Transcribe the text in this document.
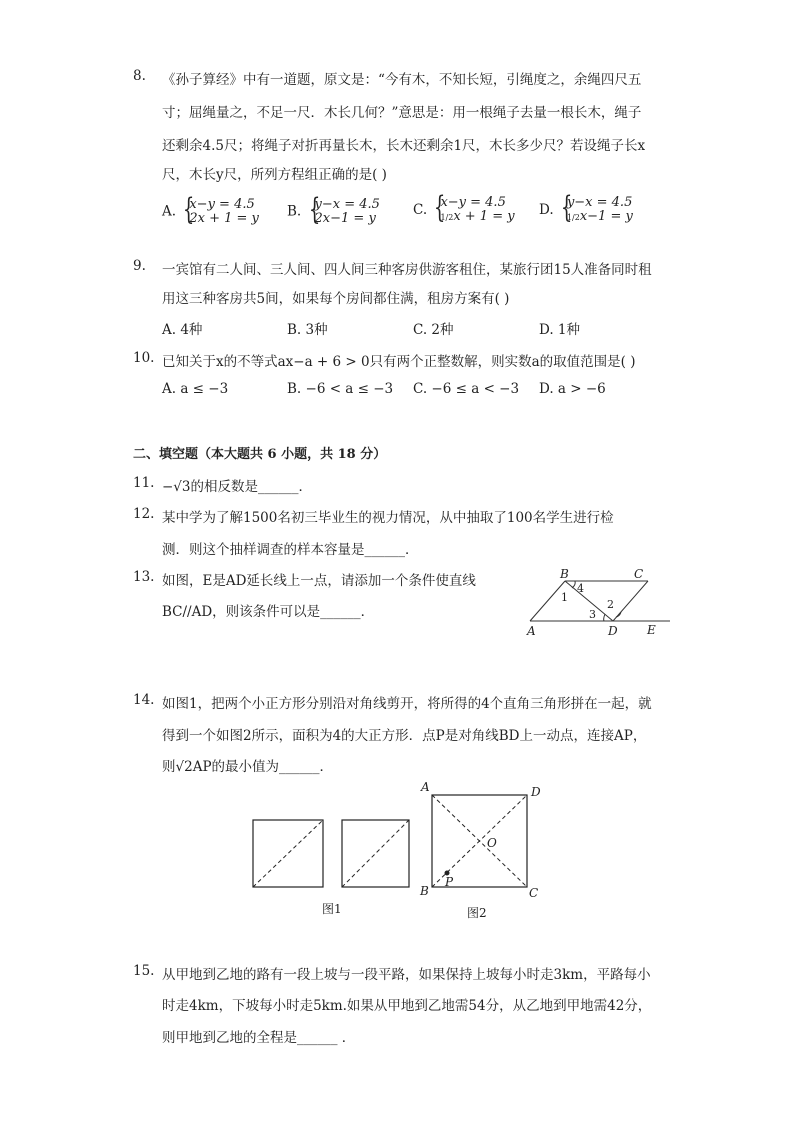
8.	《孙子算经》中有一道题，原文是：“今有木，不知长短，引绳度之，余绳四尺五
寸；屈绳量之，不足一尺．木长几何？”意思是：用一根绳子去量一根长木，绳子
还剩余4.5尺；将绳子对折再量长木，长木还剩余1尺，木长多少尺？若设绳子长x
尺，木长y尺，所列方程组正确的是( )
A. { x−y = 4.5
2x + 1 = y B. { y−x = 4.5
2x−1 = y
C. { x−y = 4.5
1/2x + 1 = y D. { y−x = 4.5
1/2x−1 = y
9.	一宾馆有二人间、三人间、四人间三种客房供游客租住，某旅行团15人准备同时租
用这三种客房共5间，如果每个房间都住满，租房方案有( )
A. 4种	B. 3种	C. 2种	D. 1种
10. 已知关于x的不等式ax−a + 6 > 0只有两个正整数解，则实数a的取值范围是( )
A. a ≤ −3	B. −6 < a ≤ −3 C. −6 ≤ a < −3 D. a > −6
二、填空题（本大题共 6 小题，共 18 分）
11. −√3的相反数是______．
12. 某中学为了解1500名初三毕业生的视力情况，从中抽取了100名学生进行检
测．则这个抽样调查的样本容量是______．
13. 如图，E是AD延长线上一点，请添加一个条件使直线
BC//AD，则该条件可以是______．
B	C
A	D E
1
4
2
3
14. 如图1，把两个小正方形分别沿对角线剪开，将所得的4个直角三角形拼在一起，就
得到一个如图2所示，面积为4的大正方形．点P是对角线BD上一动点，连接AP，
则√2AP的最小值为______．
A	D
B	C
O
P
图1	图2
15. 从甲地到乙地的路有一段上坡与一段平路，如果保持上坡每小时走3km，平路每小
时走4km，下坡每小时走5km.如果从甲地到乙地需54分，从乙地到甲地需42分，
则甲地到乙地的全程是______ ．
